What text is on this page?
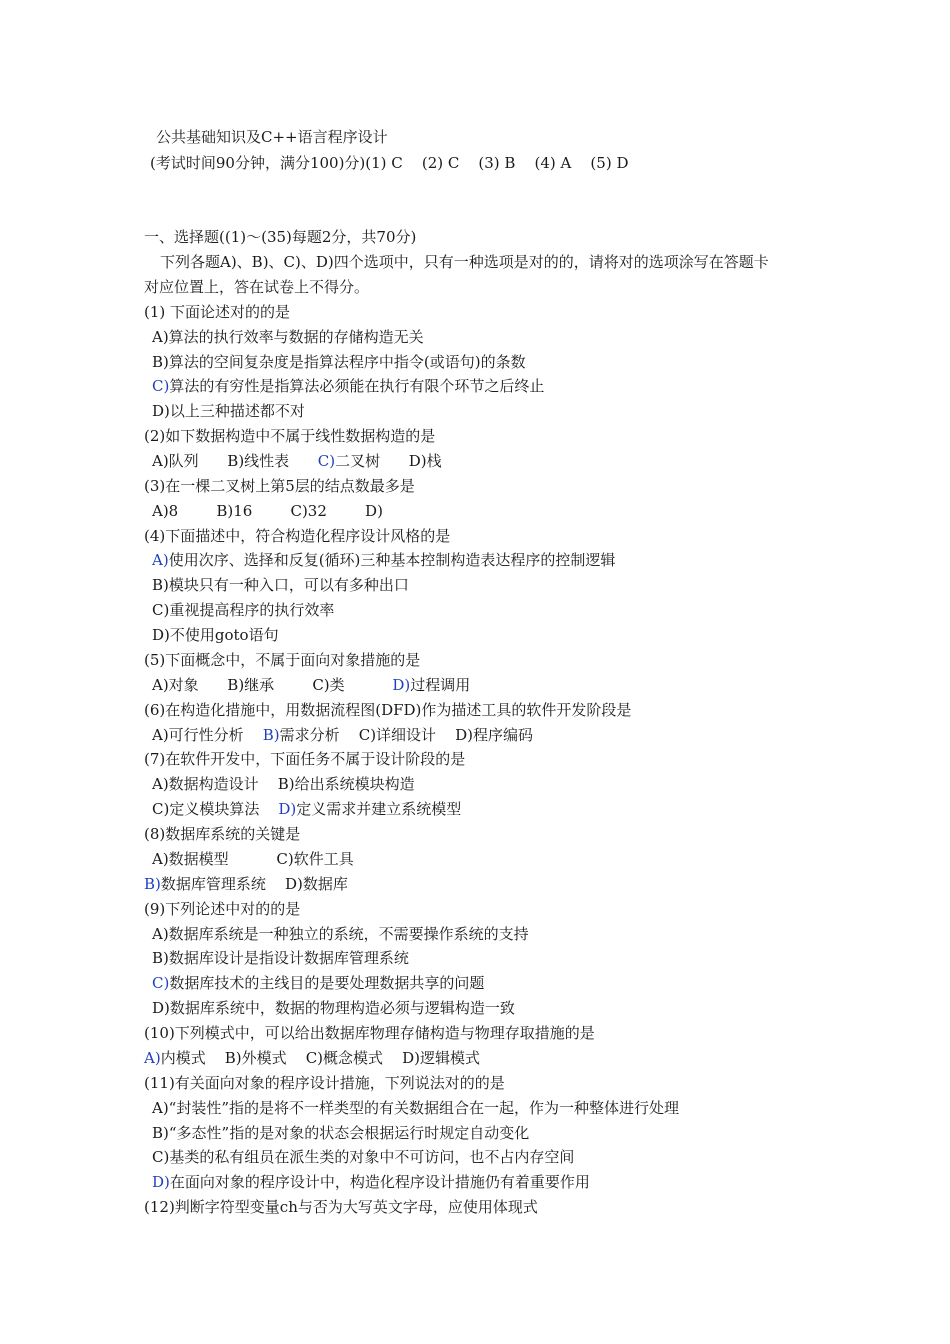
公共基础知识及C++语言程序设计
(考试时间90分钟，满分100)分)(1) C    (2) C    (3) B    (4) A    (5) D
一、选择题((1)～(35)每题2分，共70分)
下列各题A)、B)、C)、D)四个选项中，只有一种选项是对的的，请将对的选项涂写在答题卡
对应位置上，答在试卷上不得分。
(1) 下面论述对的的是
A)算法的执行效率与数据的存储构造无关
B)算法的空间复杂度是指算法程序中指令(或语句)的条数
C)算法的有穷性是指算法必须能在执行有限个环节之后终止
D)以上三种描述都不对
(2)如下数据构造中不属于线性数据构造的是
A)队列      B)线性表      C)二叉树      D)栈
(3)在一棵二叉树上第5层的结点数最多是
A)8        B)16        C)32        D)
(4)下面描述中，符合构造化程序设计风格的是
A)使用次序、选择和反复(循环)三种基本控制构造表达程序的控制逻辑
B)模块只有一种入口，可以有多种出口
C)重视提高程序的执行效率
D)不使用goto语句
(5)下面概念中，不属于面向对象措施的是
A)对象      B)继承        C)类          D)过程调用
(6)在构造化措施中，用数据流程图(DFD)作为描述工具的软件开发阶段是
A)可行性分析    B)需求分析    C)详细设计    D)程序编码
(7)在软件开发中，下面任务不属于设计阶段的是
A)数据构造设计    B)给出系统模块构造
C)定义模块算法    D)定义需求并建立系统模型
(8)数据库系统的关键是
A)数据模型          C)软件工具
B)数据库管理系统    D)数据库
(9)下列论述中对的的是
A)数据库系统是一种独立的系统，不需要操作系统的支持
B)数据库设计是指设计数据库管理系统
C)数据库技术的主线目的是要处理数据共享的问题
D)数据库系统中，数据的物理构造必须与逻辑构造一致
(10)下列模式中，可以给出数据库物理存储构造与物理存取措施的是
A)内模式    B)外模式    C)概念模式    D)逻辑模式
(11)有关面向对象的程序设计措施，下列说法对的的是
A)“封装性”指的是将不一样类型的有关数据组合在一起，作为一种整体进行处理
B)“多态性”指的是对象的状态会根据运行时规定自动变化
C)基类的私有组员在派生类的对象中不可访问，也不占内存空间
D)在面向对象的程序设计中，构造化程序设计措施仍有着重要作用
(12)判断字符型变量ch与否为大写英文字母，应使用体现式
